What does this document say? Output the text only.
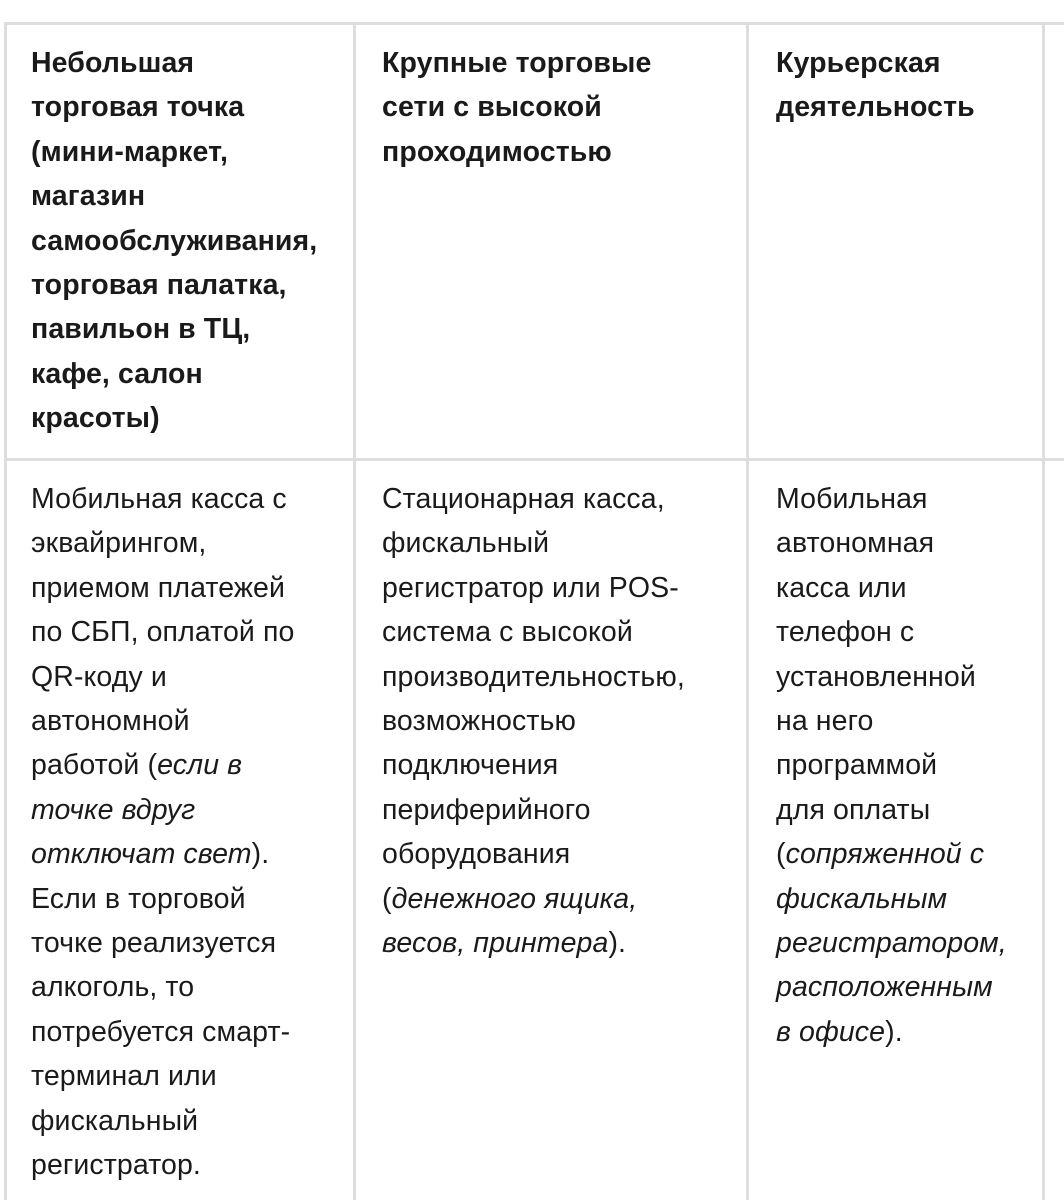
Небольшая
торговая точка
(мини-маркет,
магазин
самообслуживания,
торговая палатка,
павильон в ТЦ,
кафе, салон
красоты)
Крупные торговые
сети с высокой
проходимостью
Курьерская
деятельность
Мобильная касса с
эквайрингом,
приемом платежей
по СБП, оплатой по
QR-коду и
автономной
работой (если в
точке вдруг
отключат свет).
Если в торговой
точке реализуется
алкоголь, то
потребуется смарт-
терминал или
фискальный
регистратор.
Стационарная касса,
фискальный
регистратор или POS-
система с высокой
производительностью,
возможностью
подключения
периферийного
оборудования
(денежного ящика,
весов, принтера).
Мобильная
автономная
касса или
телефон с
установленной
на него
программой
для оплаты
(сопряженной с
фискальным
регистратором,
расположенным
в офисе).
